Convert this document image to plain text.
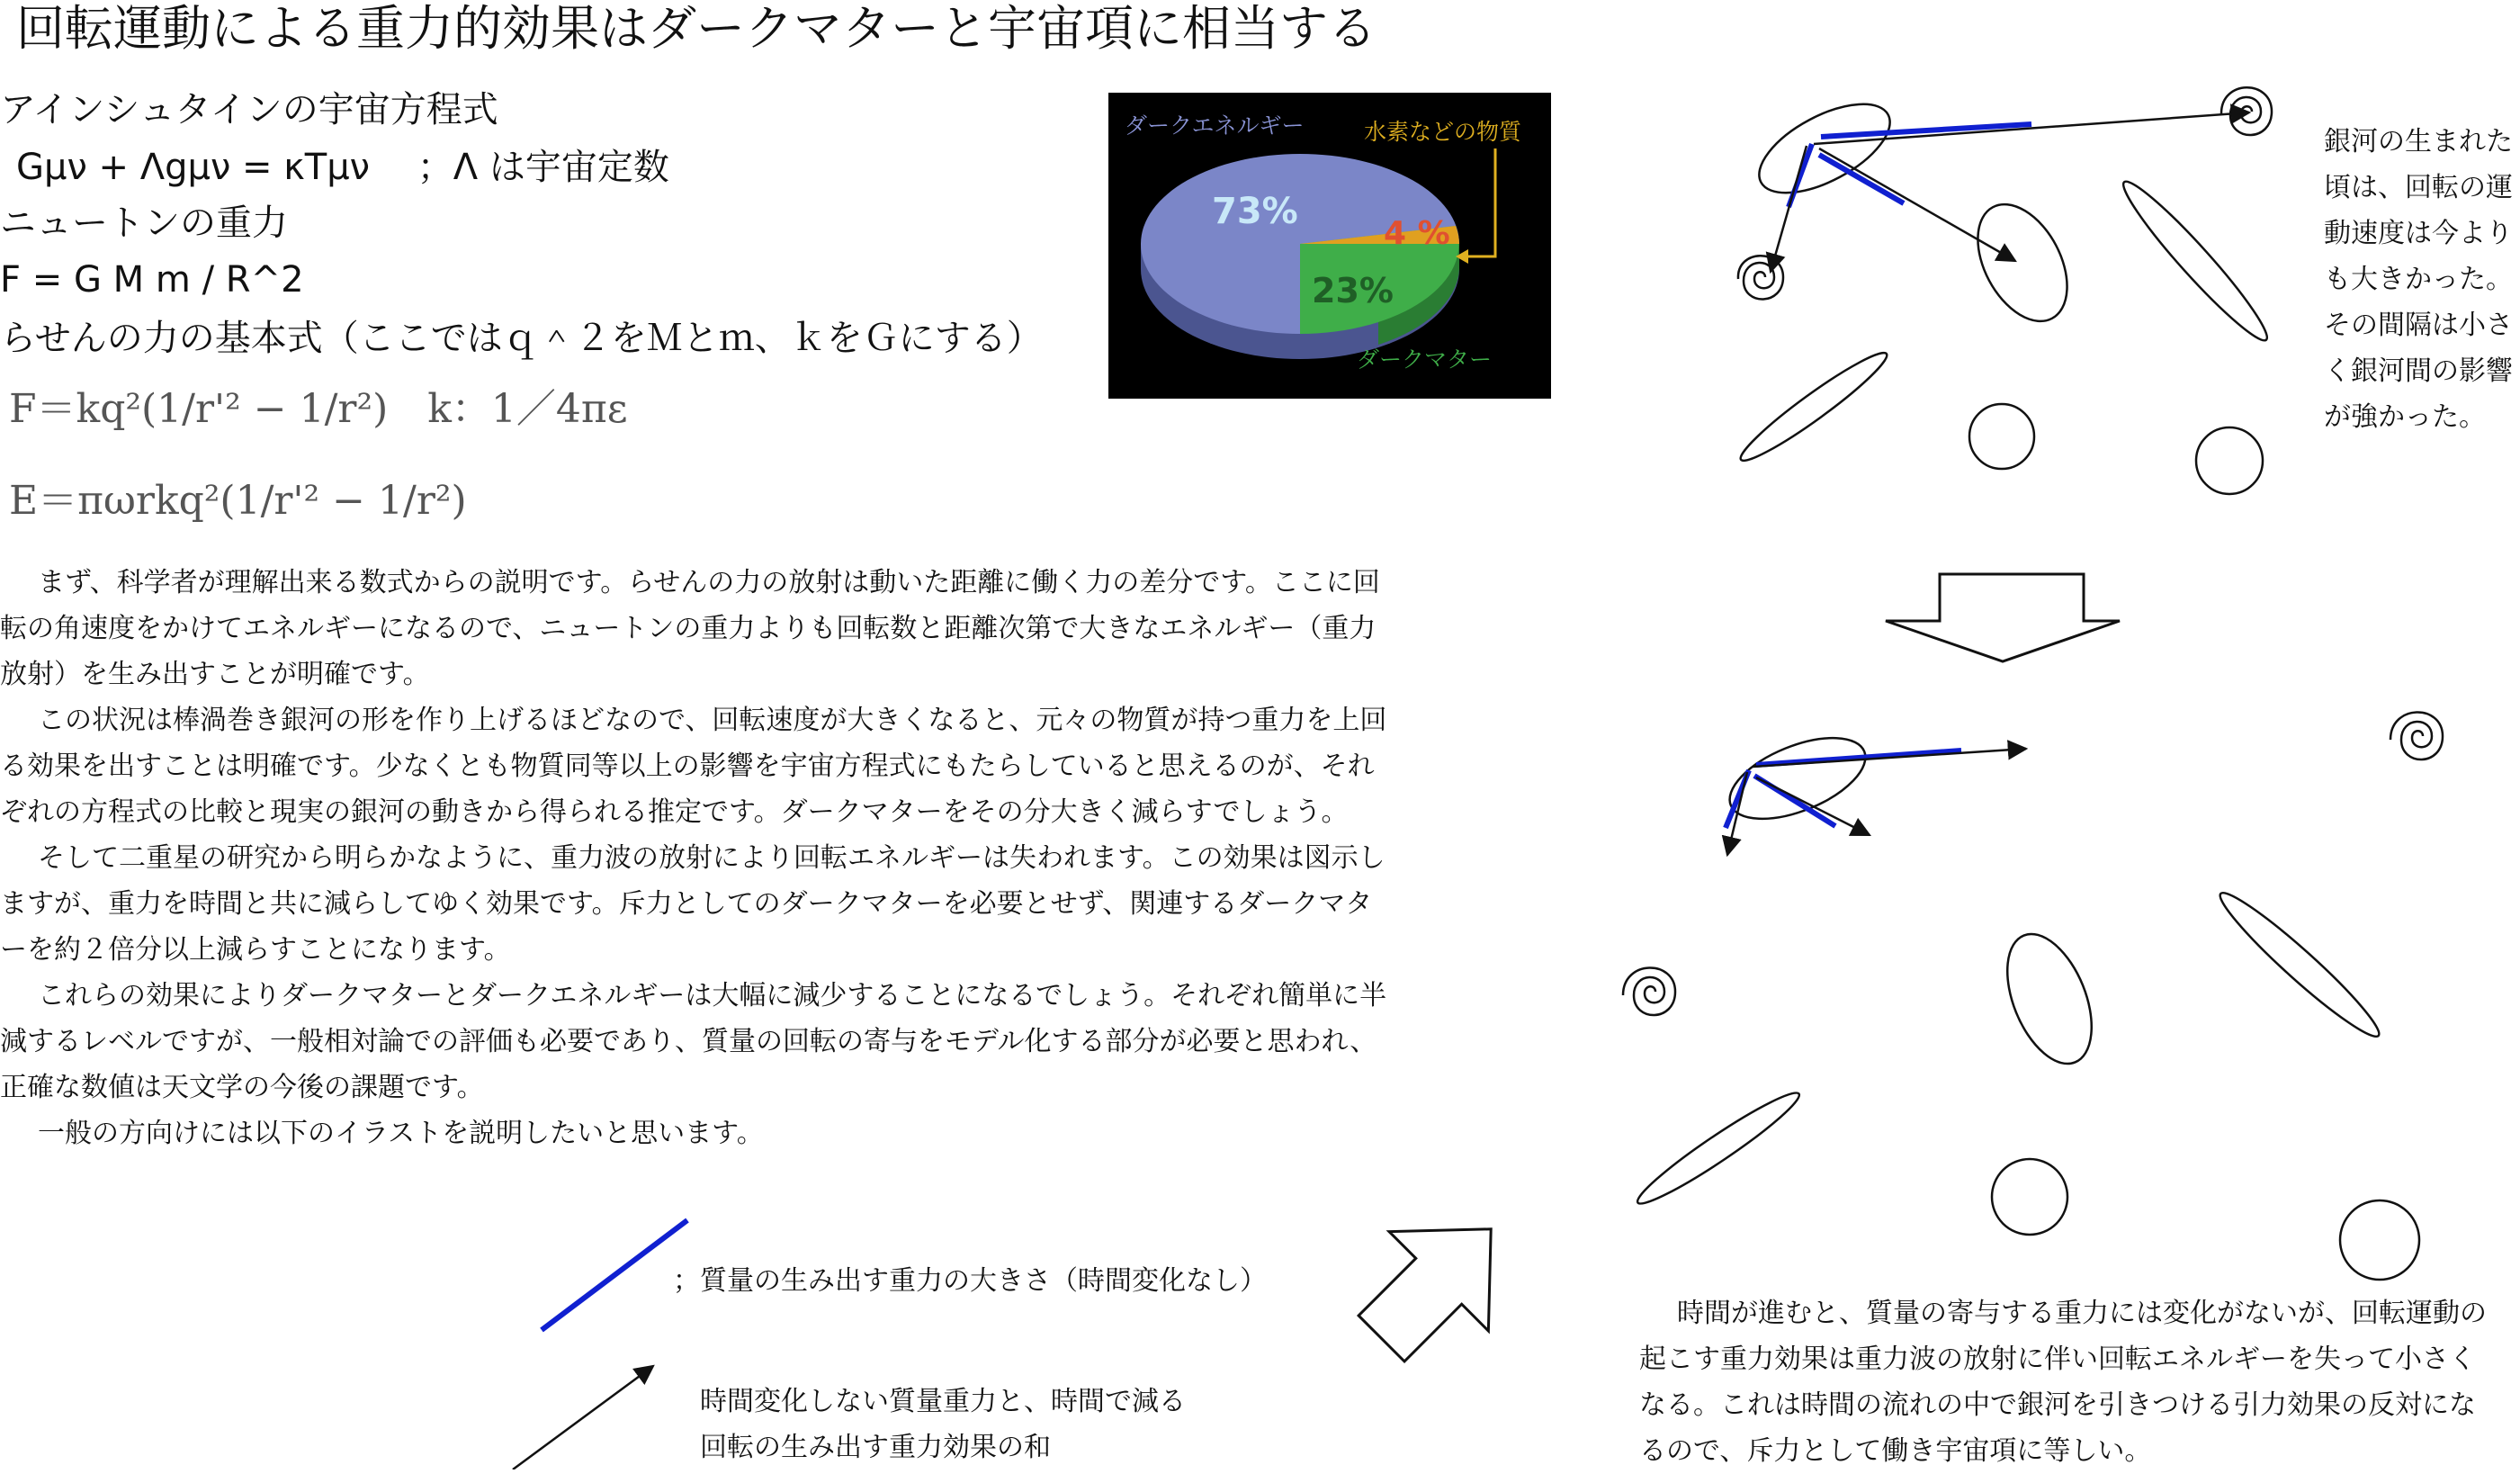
回転運動による重力的効果はダークマターと宇宙項に相当する
アインシュタインの宇宙方程式
Gμν + Λgμν = κTμν ；Λ は宇宙定数
ニュートンの重力
F = G M m / R^2
らせんの力の基本式（ここではｑ＾２をＭとｍ、ｋをＧにする）
F＝kq²(1/r'² − 1/r²)　k：1／4πε
E＝πωrkq²(1/r'² − 1/r²)
ダークエネルギー	水素などの物質
ダークマター
73%
4 %
23%

まず、科学者が理解出来る数式からの説明です。らせんの力の放射は動いた距離に働く力の差分です。ここに回転の角速度をかけてエネルギーになるので、ニュートンの重力よりも回転数と距離次第で大きなエネルギー（重力放射）を生み出すことが明確です。

この状況は棒渦巻き銀河の形を作り上げるほどなので、回転速度が大きくなると、元々の物質が持つ重力を上回る効果を出すことは明確です。少なくとも物質同等以上の影響を宇宙方程式にもたらしていると思えるのが、それぞれの方程式の比較と現実の銀河の動きから得られる推定です。ダークマターをその分大きく減らすでしょう。

そして二重星の研究から明らかなように、重力波の放射により回転エネルギーは失われます。この効果は図示しますが、重力を時間と共に減らしてゆく効果です。斥力としてのダークマターを必要とせず、関連するダークマターを約２倍分以上減らすことになります。

これらの効果によりダークマターとダークエネルギーは大幅に減少することになるでしょう。それぞれ簡単に半減するレベルですが、一般相対論での評価も必要であり、質量の回転の寄与をモデル化する部分が必要と思われ、正確な数値は天文学の今後の課題です。

一般の方向けには以下のイラストを説明したいと思います。

；質量の生み出す重力の大きさ（時間変化なし）
時間変化しない質量重力と、時間で減る
回転の生み出す重力効果の和
銀河の生まれた頃は、回転の運動速度は今よりも大きかった。その間隔は小さく銀河間の影響が強かった。
時間が進むと、質量の寄与する重力には変化がないが、回転運動の起こす重力効果は重力波の放射に伴い回転エネルギーを失って小さくなる。これは時間の流れの中で銀河を引きつける引力効果の反対になるので、斥力として働き宇宙項に等しい。
